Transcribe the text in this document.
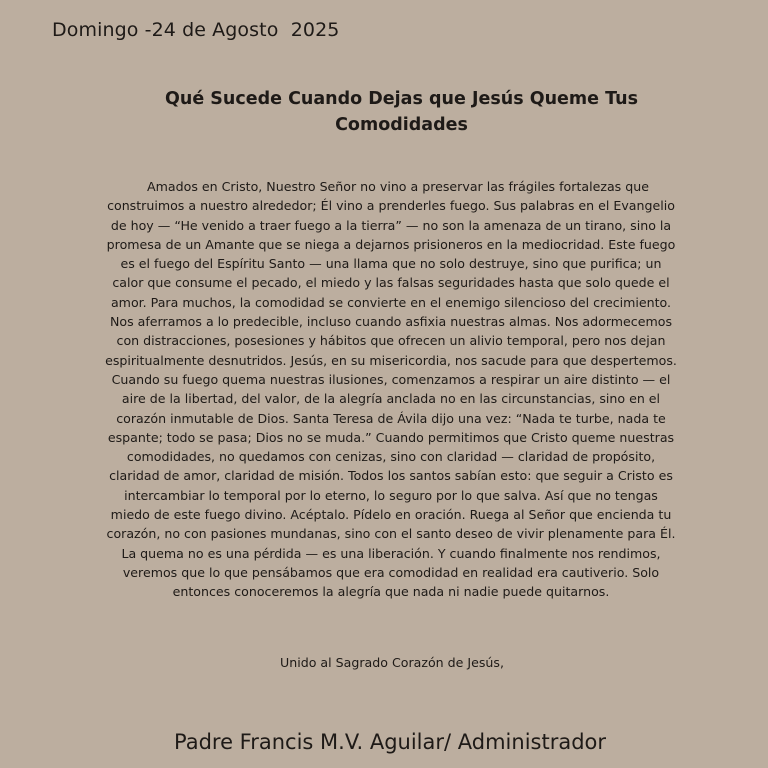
Domingo -24 de Agosto  2025
Qué Sucede Cuando Dejas que Jesús Queme Tus Comodidades
Amados en Cristo, Nuestro Señor no vino a preservar las frágiles fortalezas que construimos a nuestro alrededor; Él vino a prenderles fuego. Sus palabras en el Evangelio de hoy — “He venido a traer fuego a la tierra” — no son la amenaza de un tirano, sino la promesa de un Amante que se niega a dejarnos prisioneros en la mediocridad. Este fuego es el fuego del Espíritu Santo — una llama que no solo destruye, sino que purifica; un calor que consume el pecado, el miedo y las falsas seguridades hasta que solo quede el amor. Para muchos, la comodidad se convierte en el enemigo silencioso del crecimiento. Nos aferramos a lo predecible, incluso cuando asfixia nuestras almas. Nos adormecemos con distracciones, posesiones y hábitos que ofrecen un alivio temporal, pero nos dejan espiritualmente desnutridos. Jesús, en su misericordia, nos sacude para que despertemos. Cuando su fuego quema nuestras ilusiones, comenzamos a respirar un aire distinto — el aire de la libertad, del valor, de la alegría anclada no en las circunstancias, sino en el corazón inmutable de Dios. Santa Teresa de Ávila dijo una vez: “Nada te turbe, nada te espante; todo se pasa; Dios no se muda.” Cuando permitimos que Cristo queme nuestras comodidades, no quedamos con cenizas, sino con claridad — claridad de propósito, claridad de amor, claridad de misión. Todos los santos sabían esto: que seguir a Cristo es intercambiar lo temporal por lo eterno, lo seguro por lo que salva. Así que no tengas miedo de este fuego divino. Acéptalo. Pídelo en oración. Ruega al Señor que encienda tu corazón, no con pasiones mundanas, sino con el santo deseo de vivir plenamente para Él. La quema no es una pérdida — es una liberación. Y cuando finalmente nos rendimos, veremos que lo que pensábamos que era comodidad en realidad era cautiverio. Solo entonces conoceremos la alegría que nada ni nadie puede quitarnos.
Unido al Sagrado Corazón de Jesús,
Padre Francis M.V. Aguilar/ Administrador
